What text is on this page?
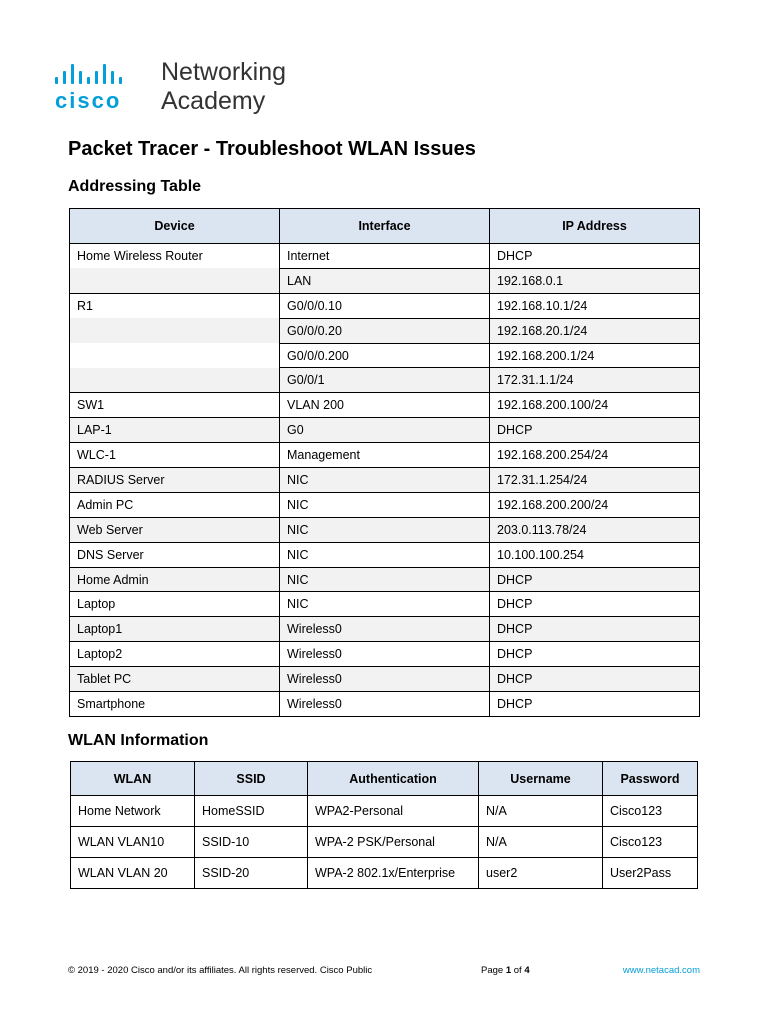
cisco
Networking
Academy
Packet Tracer - Troubleshoot WLAN Issues
Addressing Table
Device	Interface	IP Address
Home Wireless Router	Internet	DHCP
	LAN	192.168.0.1
R1	G0/0/0.10	192.168.10.1/24
	G0/0/0.20	192.168.20.1/24
	G0/0/0.200	192.168.200.1/24
	G0/0/1	172.31.1.1/24
SW1	VLAN 200	192.168.200.100/24
LAP-1	G0	DHCP
WLC-1	Management	192.168.200.254/24
RADIUS Server	NIC	172.31.1.254/24
Admin PC	NIC	192.168.200.200/24
Web Server	NIC	203.0.113.78/24
DNS Server	NIC	10.100.100.254
Home Admin	NIC	DHCP
Laptop	NIC	DHCP
Laptop1	Wireless0	DHCP
Laptop2	Wireless0	DHCP
Tablet PC	Wireless0	DHCP
Smartphone	Wireless0	DHCP
WLAN Information
WLAN	SSID	Authentication	Username	Password
Home Network	HomeSSID	WPA2-Personal	N/A	Cisco123
WLAN VLAN10	SSID-10	WPA-2 PSK/Personal	N/A	Cisco123
WLAN VLAN 20	SSID-20	WPA-2 802.1x/Enterprise	user2	User2Pass
© 2019 - 2020 Cisco and/or its affiliates. All rights reserved. Cisco Public	Page 1 of 4	www.netacad.com
